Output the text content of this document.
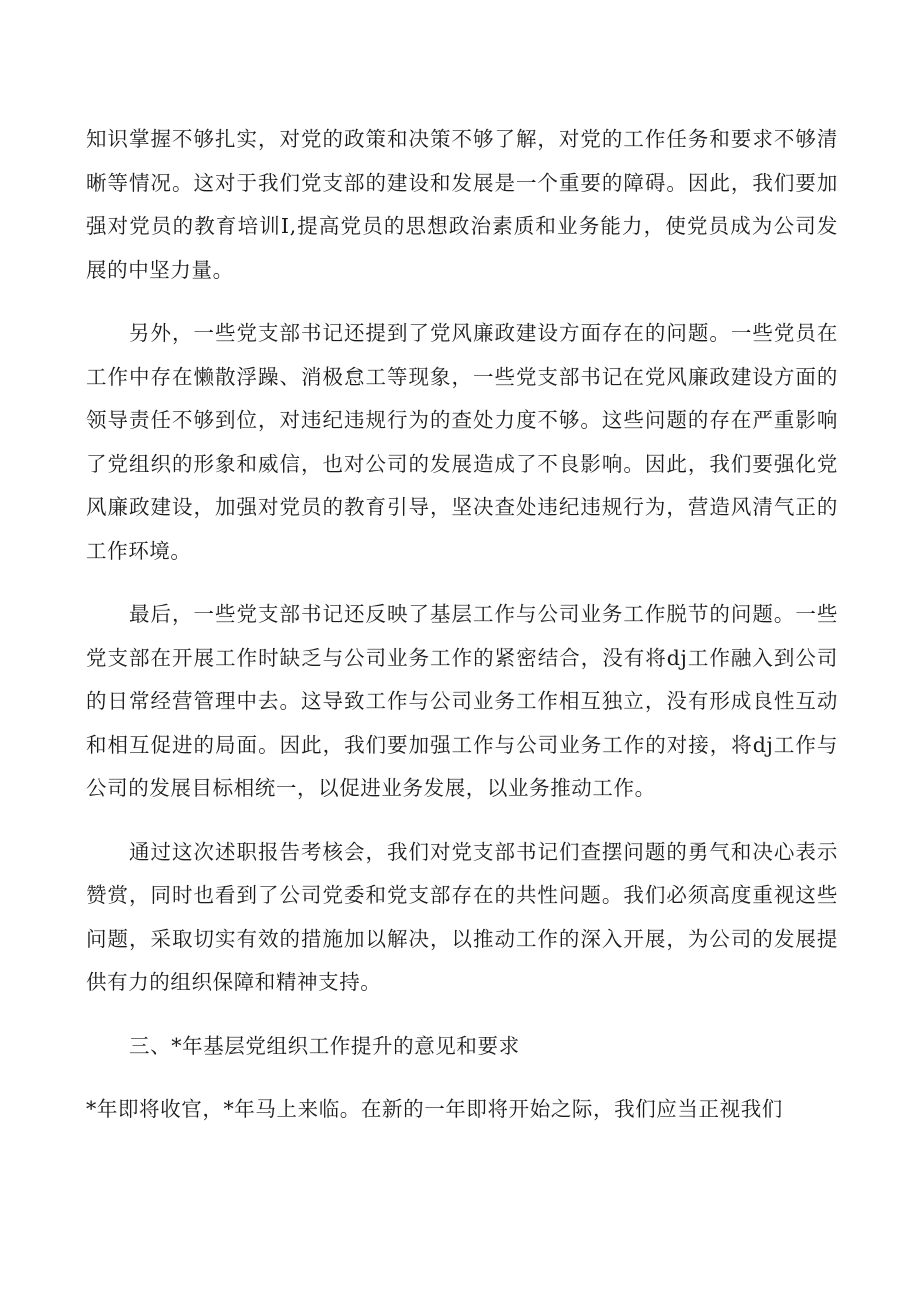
知识掌握不够扎实，对党的政策和决策不够了解，对党的工作任务和要求不够清晰等情况。这对于我们党支部的建设和发展是一个重要的障碍。因此，我们要加强对党员的教育培训I,提高党员的思想政治素质和业务能力，使党员成为公司发展的中坚力量。

另外，一些党支部书记还提到了党风廉政建设方面存在的问题。一些党员在工作中存在懒散浮躁、消极怠工等现象，一些党支部书记在党风廉政建设方面的领导责任不够到位，对违纪违规行为的查处力度不够。这些问题的存在严重影响了党组织的形象和威信，也对公司的发展造成了不良影响。因此，我们要强化党风廉政建设，加强对党员的教育引导，坚决查处违纪违规行为，营造风清气正的工作环境。

最后，一些党支部书记还反映了基层工作与公司业务工作脱节的问题。一些党支部在开展工作时缺乏与公司业务工作的紧密结合，没有将dj工作融入到公司的日常经营管理中去。这导致工作与公司业务工作相互独立，没有形成良性互动和相互促进的局面。因此，我们要加强工作与公司业务工作的对接，将dj工作与公司的发展目标相统一，以促进业务发展，以业务推动工作。

通过这次述职报告考核会，我们对党支部书记们查摆问题的勇气和决心表示赞赏，同时也看到了公司党委和党支部存在的共性问题。我们必须高度重视这些问题，采取切实有效的措施加以解决，以推动工作的深入开展，为公司的发展提供有力的组织保障和精神支持。

三、*年基层党组织工作提升的意见和要求

*年即将收官，*年马上来临。在新的一年即将开始之际，我们应当正视我们
